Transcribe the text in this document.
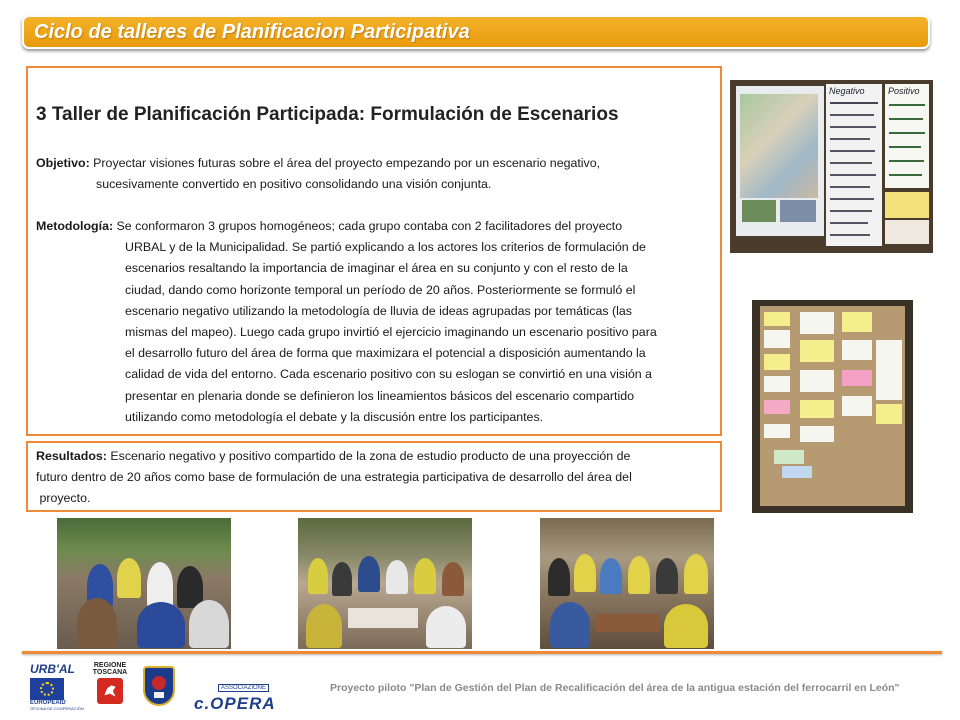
Ciclo de talleres de Planificacion Participativa
3 Taller de Planificación Participada: Formulación de Escenarios
Objetivo: Proyectar visiones futuras sobre el área del proyecto empezando por un escenario negativo,
sucesivamente convertido en positivo consolidando una visión conjunta.
Metodología: Se conformaron 3 grupos homogéneos; cada grupo contaba con 2 facilitadores del proyecto
URBAL y de la Municipalidad. Se partió explicando a los actores los criterios de formulación de
escenarios resaltando la importancia de imaginar el área en su conjunto y con el resto de la
ciudad, dando como horizonte temporal un período de 20 años. Posteriormente se formuló el
escenario negativo utilizando la metodología de lluvia de ideas agrupadas por temáticas (las
mismas del mapeo). Luego cada grupo invirtió el ejercicio imaginando un escenario positivo para
el desarrollo futuro del área de forma que maximizara el potencial a disposición aumentando la
calidad de vida del entorno. Cada escenario positivo con su eslogan se convirtió en una visión a
presentar en plenaria donde se definieron los lineamientos básicos del escenario compartido
utilizando como metodología el debate y la discusión entre los participantes.
Resultados: Escenario negativo y positivo compartido de la zona de estudio producto de una proyección de
futuro dentro de 20 años como base de formulación de una estrategia participativa de desarrollo del área del
proyecto.
Negativo	Positivo
URB'AL
EUROPEAID
OFICINA DE COOPERACIÓN
REGIONE
TOSCANA
ASSOCIAZIONE
c.OPERA
Proyecto piloto "Plan de Gestión del Plan de Recalificación del área de la antigua estación del ferrocarril en León"
